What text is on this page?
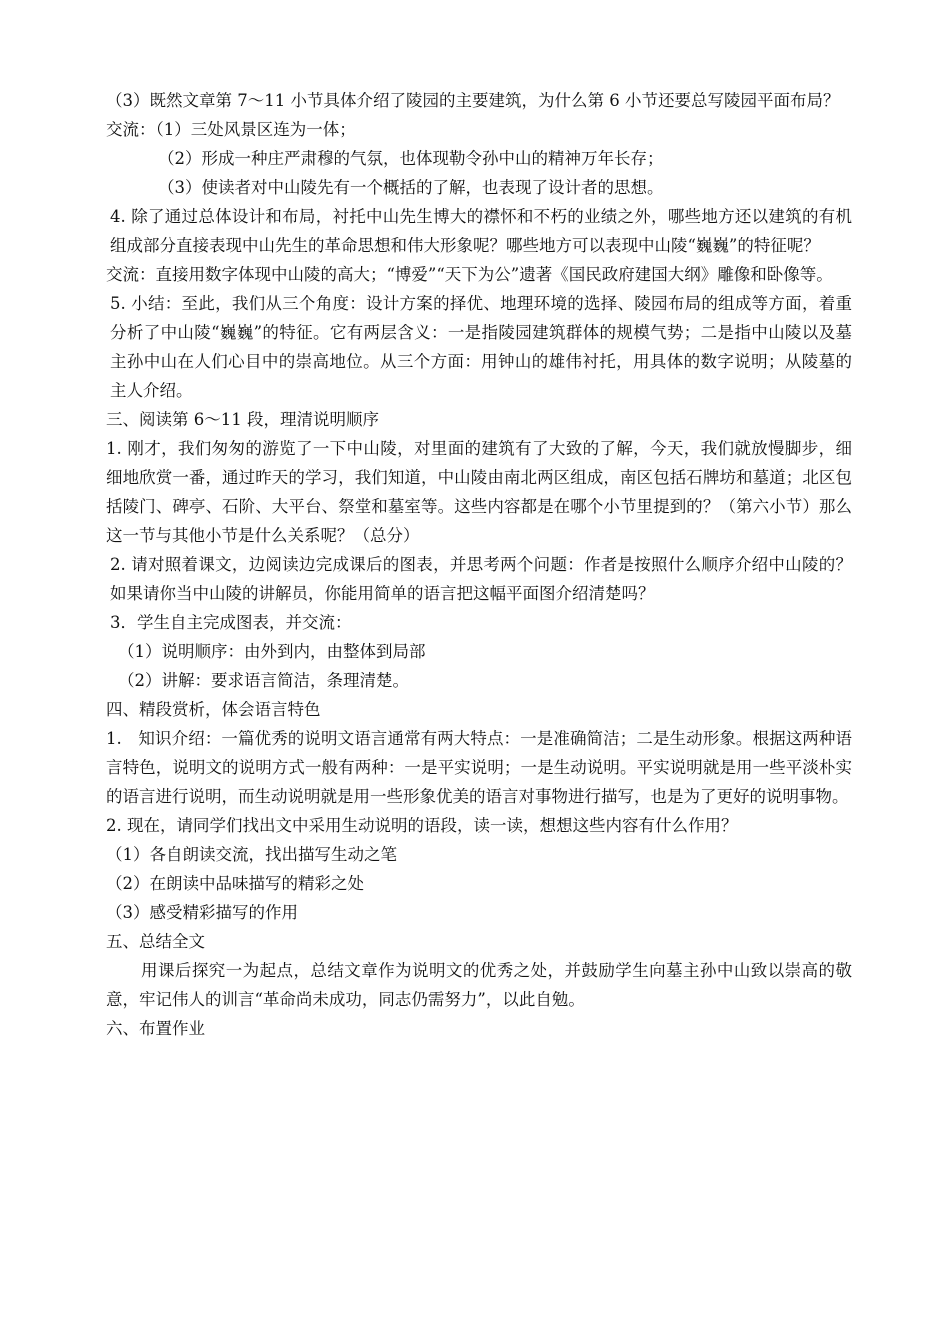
（3）既然文章第 7～11 小节具体介绍了陵园的主要建筑，为什么第 6 小节还要总写陵园平面布局？

交流：（1）三处风景区连为一体；

（2）形成一种庄严肃穆的气氛，也体现勒令孙中山的精神万年长存；

（3）使读者对中山陵先有一个概括的了解，也表现了设计者的思想。

4. 除了通过总体设计和布局，衬托中山先生博大的襟怀和不朽的业绩之外，哪些地方还以建筑的有机组成部分直接表现中山先生的革命思想和伟大形象呢？哪些地方可以表现中山陵“巍巍”的特征呢？

交流：直接用数字体现中山陵的高大；“博爱”“天下为公”遗著《国民政府建国大纲》雕像和卧像等。

5. 小结：至此，我们从三个角度：设计方案的择优、地理环境的选择、陵园布局的组成等方面，着重分析了中山陵“巍巍”的特征。它有两层含义：一是指陵园建筑群体的规模气势；二是指中山陵以及墓主孙中山在人们心目中的崇高地位。从三个方面：用钟山的雄伟衬托，用具体的数字说明；从陵墓的主人介绍。

三、阅读第 6～11 段，理清说明顺序

1. 刚才，我们匆匆的游览了一下中山陵，对里面的建筑有了大致的了解，今天，我们就放慢脚步，细细地欣赏一番，通过昨天的学习，我们知道，中山陵由南北两区组成，南区包括石牌坊和墓道；北区包括陵门、碑亭、石阶、大平台、祭堂和墓室等。这些内容都是在哪个小节里提到的？（第六小节）那么这一节与其他小节是什么关系呢？（总分）

2. 请对照着课文，边阅读边完成课后的图表，并思考两个问题：作者是按照什么顺序介绍中山陵的？如果请你当中山陵的讲解员，你能用简单的语言把这幅平面图介绍清楚吗？

3．学生自主完成图表，并交流：

（1）说明顺序：由外到内，由整体到局部

（2）讲解：要求语言简洁，条理清楚。

四、精段赏析，体会语言特色

1.　知识介绍：一篇优秀的说明文语言通常有两大特点：一是准确简洁；二是生动形象。根据这两种语言特色，说明文的说明方式一般有两种：一是平实说明；一是生动说明。平实说明就是用一些平淡朴实的语言进行说明，而生动说明就是用一些形象优美的语言对事物进行描写，也是为了更好的说明事物。

2. 现在，请同学们找出文中采用生动说明的语段，读一读，想想这些内容有什么作用？

（1）各自朗读交流，找出描写生动之笔

（2）在朗读中品味描写的精彩之处

（3）感受精彩描写的作用

五、总结全文

用课后探究一为起点，总结文章作为说明文的优秀之处，并鼓励学生向墓主孙中山致以崇高的敬意，牢记伟人的训言“革命尚未成功，同志仍需努力”，以此自勉。

六、布置作业
